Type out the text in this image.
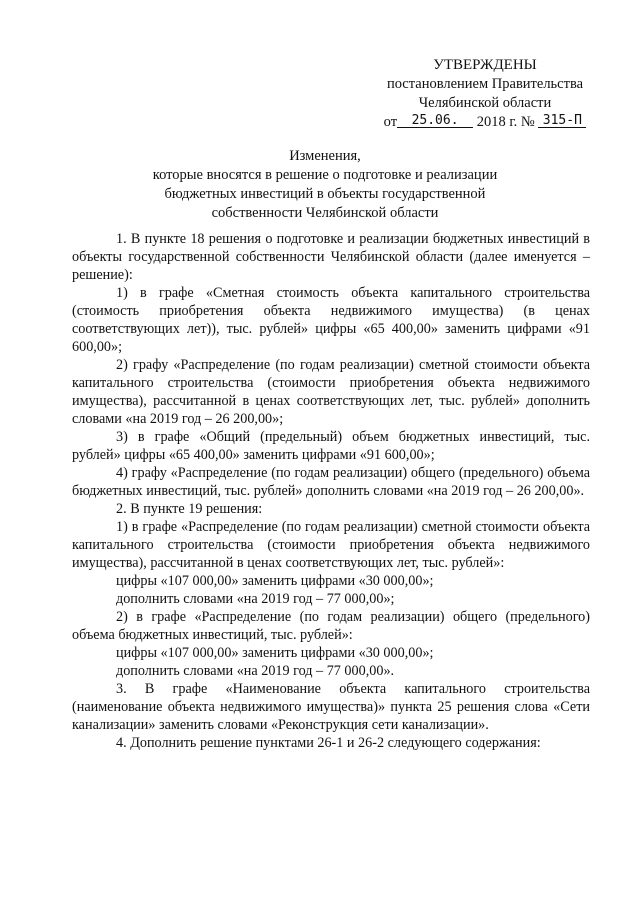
УТВЕРЖДЕНЫ
постановлением Правительства
Челябинской области
от 25.06. 2018 г. № 315-П
Изменения,
которые вносятся в решение о подготовке и реализации
бюджетных инвестиций в объекты государственной
собственности Челябинской области

1. В пункте 18 решения о подготовке и реализации бюджетных инвестиций в объекты государственной собственности Челябинской области (далее именуется – решение):

1) в графе «Сметная стоимость объекта капитального строительства (стоимость приобретения объекта недвижимого имущества) (в ценах соответствующих лет)), тыс. рублей» цифры «65 400,00» заменить цифрами «91 600,00»;

2) графу «Распределение (по годам реализации) сметной стоимости объекта капитального строительства (стоимости приобретения объекта недвижимого имущества), рассчитанной в ценах соответствующих лет, тыс. рублей» дополнить словами «на 2019 год – 26 200,00»;

3) в графе «Общий (предельный) объем бюджетных инвестиций, тыс. рублей» цифры «65 400,00» заменить цифрами «91 600,00»;

4) графу «Распределение (по годам реализации) общего (предельного) объема бюджетных инвестиций, тыс. рублей» дополнить словами «на 2019 год – 26 200,00».

2. В пункте 19 решения:

1) в графе «Распределение (по годам реализации) сметной стоимости объекта капитального строительства (стоимости приобретения объекта недвижимого имущества), рассчитанной в ценах соответствующих лет, тыс. рублей»:

цифры «107 000,00» заменить цифрами «30 000,00»;

дополнить словами «на 2019 год – 77 000,00»;

2) в графе «Распределение (по годам реализации) общего (предельного) объема бюджетных инвестиций, тыс. рублей»:

цифры «107 000,00» заменить цифрами «30 000,00»;

дополнить словами «на 2019 год – 77 000,00».

3. В графе «Наименование объекта капитального строительства (наименование объекта недвижимого имущества)» пункта 25 решения слова «Сети канализации» заменить словами «Реконструкция сети канализации».

4. Дополнить решение пунктами 26-1 и 26-2 следующего содержания:
